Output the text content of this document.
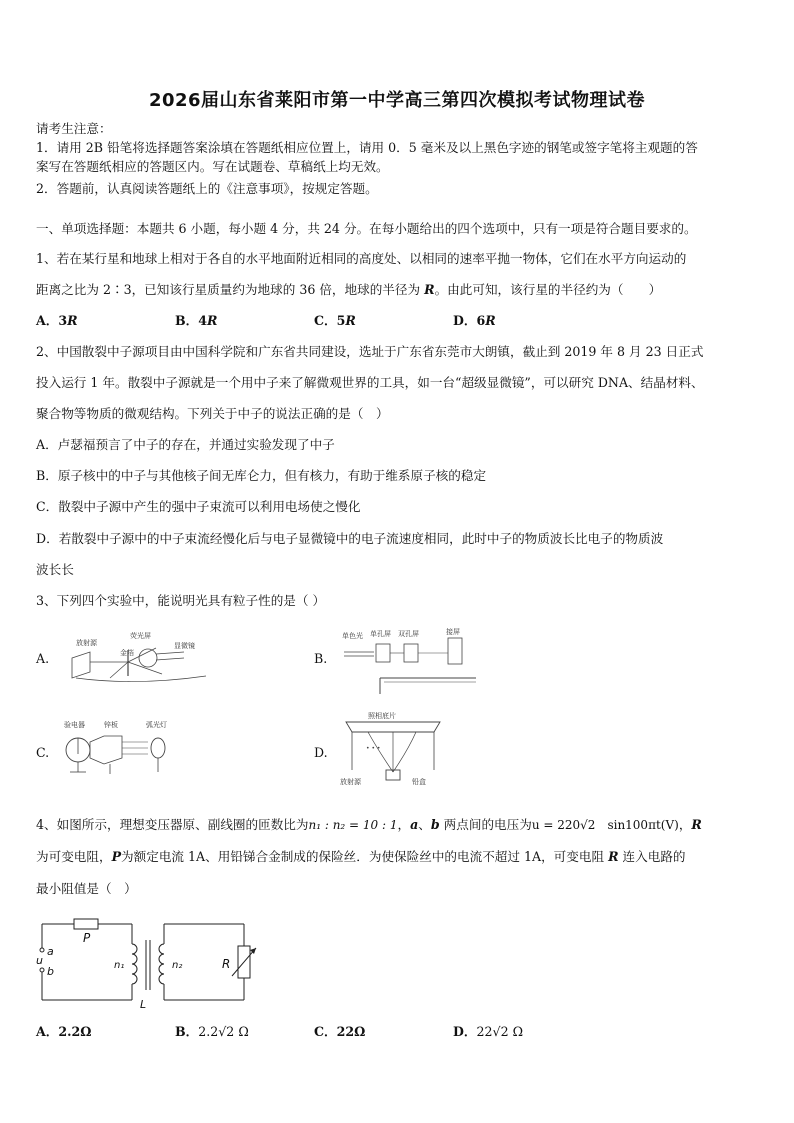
2026届山东省莱阳市第一中学高三第四次模拟考试物理试卷
请考生注意：
1．请用 2B 铅笔将选择题答案涂填在答题纸相应位置上，请用 0．5 毫米及以上黑色字迹的钢笔或签字笔将主观题的答
案写在答题纸相应的答题区内。写在试题卷、草稿纸上均无效。
2．答题前，认真阅读答题纸上的《注意事项》，按规定答题。
一、单项选择题：本题共 6 小题，每小题 4 分，共 24 分。在每小题给出的四个选项中，只有一项是符合题目要求的。
1、若在某行星和地球上相对于各自的水平地面附近相同的高度处、以相同的速率平抛一物体，它们在水平方向运动的
距离之比为 2∶3，已知该行星质量约为地球的 36 倍，地球的半径为 R。由此可知，该行星的半径约为（　　）
A．3R	B．4R	C．5R	D．6R
2、中国散裂中子源项目由中国科学院和广东省共同建设，选址于广东省东莞市大朗镇，截止到 2019 年 8 月 23 日正式
投入运行 1 年。散裂中子源就是一个用中子来了解微观世界的工具，如一台“超级显微镜”，可以研究 DNA、结晶材料、
聚合物等物质的微观结构。下列关于中子的说法正确的是（　）
A．卢瑟福预言了中子的存在，并通过实验发现了中子
B．原子核中的中子与其他核子间无库仑力，但有核力，有助于维系原子核的稳定
C．散裂中子源中产生的强中子束流可以利用电场使之慢化
D．若散裂中子源中的中子束流经慢化后与电子显微镜中的电子流速度相同，此时中子的物质波长比电子的物质波
波长长
3、下列四个实验中，能说明光具有粒子性的是（ ）
A.	B.
C.	D.
放射源
荧光屏
金箔
显微镜
单色光 单孔屏 双孔屏	接屏
验电器	锌板	弧光灯
照相底片
放射源	铅盒
• • •
4、如图所示，理想变压器原、副线圈的匝数比为n₁ : n₂ = 10 : 1，a、b 两点间的电压为u = 220√2　sin100πt(V)，R
为可变电阻，P为额定电流 1A、用铅锑合金制成的保险丝．为使保险丝中的电流不超过 1A，可变电阻 R 连入电路的
最小阻值是（　）
P
a
u
b	n₁	n₂	R
L
A．2.2Ω	B．2.2√2 Ω	C．22Ω	D．22√2 Ω
